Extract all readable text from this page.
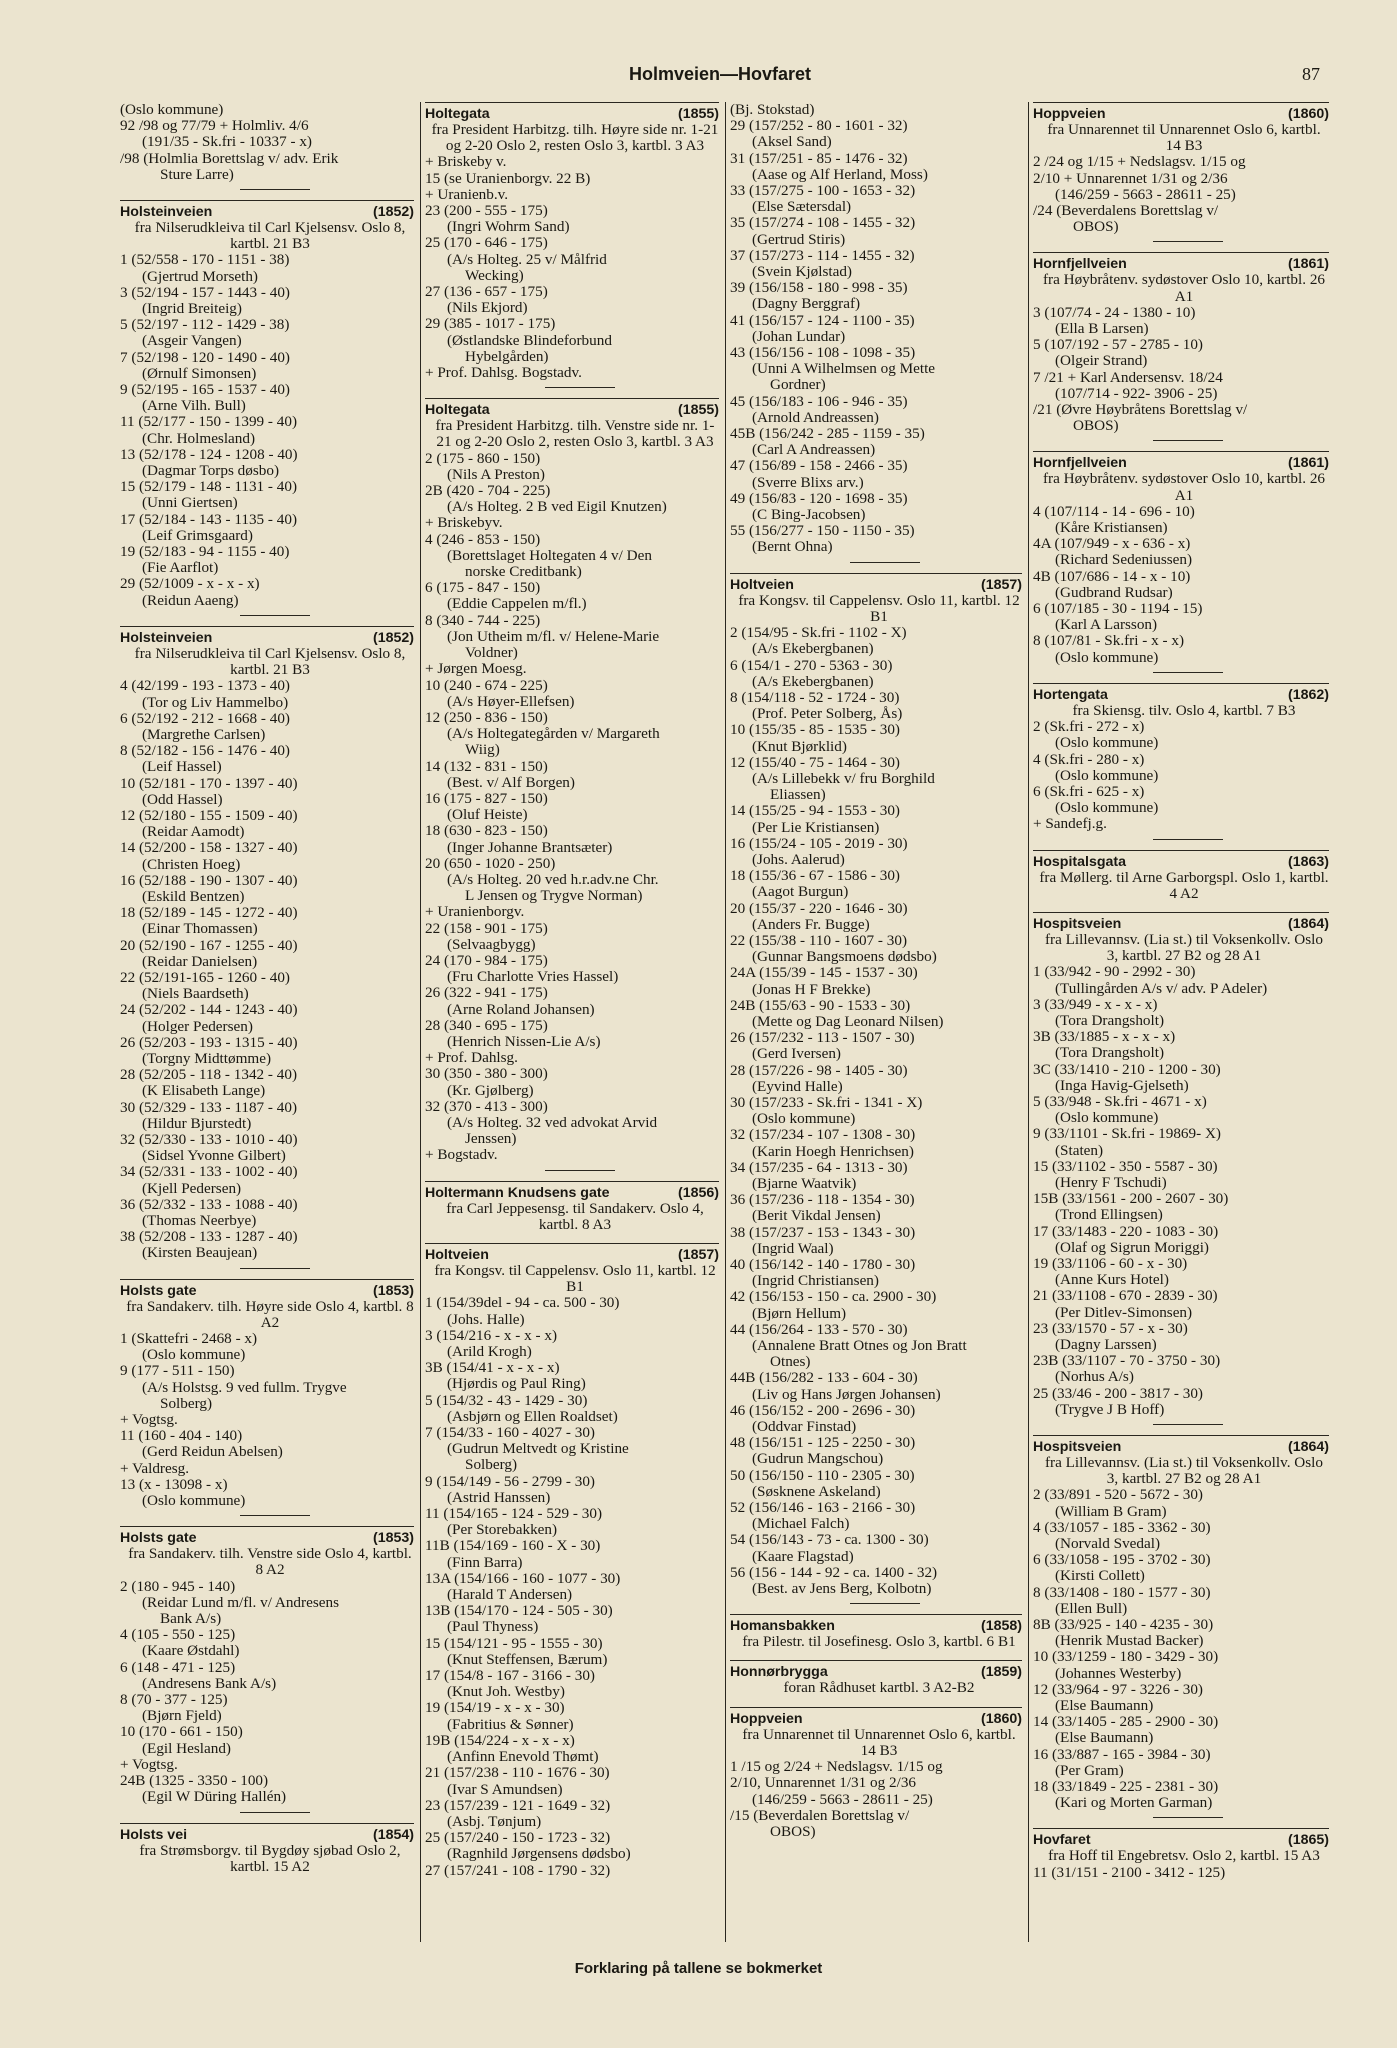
Holmveien—Hovfaret	87
(Oslo kommune)
92 /98 og 77/79 + Holmliv. 4/6
(191/35 - Sk.fri - 10337 - x)
/98 (Holmlia Borettslag v/ adv. Erik
Sture Larre)
Holsteinveien	(1852)
fra Nilserudkleiva til Carl Kjelsensv. Oslo 8, kartbl. 21 B3
1 (52/558 - 170 - 1151 - 38)
(Gjertrud Morseth)
3 (52/194 - 157 - 1443 - 40)
(Ingrid Breiteig)
5 (52/197 - 112 - 1429 - 38)
(Asgeir Vangen)
7 (52/198 - 120 - 1490 - 40)
(Ørnulf Simonsen)
9 (52/195 - 165 - 1537 - 40)
(Arne Vilh. Bull)
11 (52/177 - 150 - 1399 - 40)
(Chr. Holmesland)
13 (52/178 - 124 - 1208 - 40)
(Dagmar Torps døsbo)
15 (52/179 - 148 - 1131 - 40)
(Unni Giertsen)
17 (52/184 - 143 - 1135 - 40)
(Leif Grimsgaard)
19 (52/183 - 94 - 1155 - 40)
(Fie Aarflot)
29 (52/1009 - x - x - x)
(Reidun Aaeng)
Holsteinveien	(1852)
fra Nilserudkleiva til Carl Kjelsensv. Oslo 8, kartbl. 21 B3
4 (42/199 - 193 - 1373 - 40)
(Tor og Liv Hammelbo)
6 (52/192 - 212 - 1668 - 40)
(Margrethe Carlsen)
8 (52/182 - 156 - 1476 - 40)
(Leif Hassel)
10 (52/181 - 170 - 1397 - 40)
(Odd Hassel)
12 (52/180 - 155 - 1509 - 40)
(Reidar Aamodt)
14 (52/200 - 158 - 1327 - 40)
(Christen Hoeg)
16 (52/188 - 190 - 1307 - 40)
(Eskild Bentzen)
18 (52/189 - 145 - 1272 - 40)
(Einar Thomassen)
20 (52/190 - 167 - 1255 - 40)
(Reidar Danielsen)
22 (52/191-165 - 1260 - 40)
(Niels Baardseth)
24 (52/202 - 144 - 1243 - 40)
(Holger Pedersen)
26 (52/203 - 193 - 1315 - 40)
(Torgny Midttømme)
28 (52/205 - 118 - 1342 - 40)
(K Elisabeth Lange)
30 (52/329 - 133 - 1187 - 40)
(Hildur Bjurstedt)
32 (52/330 - 133 - 1010 - 40)
(Sidsel Yvonne Gilbert)
34 (52/331 - 133 - 1002 - 40)
(Kjell Pedersen)
36 (52/332 - 133 - 1088 - 40)
(Thomas Neerbye)
38 (52/208 - 133 - 1287 - 40)
(Kirsten Beaujean)
Holsts gate	(1853)
fra Sandakerv. tilh. Høyre side Oslo 4, kartbl. 8 A2
1 (Skattefri - 2468 - x)
(Oslo kommune)
9 (177 - 511 - 150)
(A/s Holstsg. 9 ved fullm. Trygve
Solberg)
+ Vogtsg.
11 (160 - 404 - 140)
(Gerd Reidun Abelsen)
+ Valdresg.
13 (x - 13098 - x)
(Oslo kommune)
Holsts gate	(1853)
fra Sandakerv. tilh. Venstre side Oslo 4, kartbl. 8 A2
2 (180 - 945 - 140)
(Reidar Lund m/fl. v/ Andresens
Bank A/s)
4 (105 - 550 - 125)
(Kaare Østdahl)
6 (148 - 471 - 125)
(Andresens Bank A/s)
8 (70 - 377 - 125)
(Bjørn Fjeld)
10 (170 - 661 - 150)
(Egil Hesland)
+ Vogtsg.
24B (1325 - 3350 - 100)
(Egil W Düring Hallén)
Holsts vei	(1854)
fra Strømsborgv. til Bygdøy sjøbad Oslo 2, kartbl. 15 A2
Holtegata	(1855)
fra President Harbitzg. tilh. Høyre side nr. 1-21 og 2-20 Oslo 2, resten Oslo 3, kartbl. 3 A3
+ Briskeby v.
15 (se Uranienborgv. 22 B)
+ Uranienb.v.
23 (200 - 555 - 175)
(Ingri Wohrm Sand)
25 (170 - 646 - 175)
(A/s Holteg. 25 v/ Målfrid
Wecking)
27 (136 - 657 - 175)
(Nils Ekjord)
29 (385 - 1017 - 175)
(Østlandske Blindeforbund
Hybelgården)
+ Prof. Dahlsg. Bogstadv.
Holtegata	(1855)
fra President Harbitzg. tilh. Venstre side nr. 1-21 og 2-20 Oslo 2, resten Oslo 3, kartbl. 3 A3
2 (175 - 860 - 150)
(Nils A Preston)
2B (420 - 704 - 225)
(A/s Holteg. 2 B ved Eigil Knutzen)
+ Briskebyv.
4 (246 - 853 - 150)
(Borettslaget Holtegaten 4 v/ Den
norske Creditbank)
6 (175 - 847 - 150)
(Eddie Cappelen m/fl.)
8 (340 - 744 - 225)
(Jon Utheim m/fl. v/ Helene-Marie
Voldner)
+ Jørgen Moesg.
10 (240 - 674 - 225)
(A/s Høyer-Ellefsen)
12 (250 - 836 - 150)
(A/s Holtegategården v/ Margareth
Wiig)
14 (132 - 831 - 150)
(Best. v/ Alf Borgen)
16 (175 - 827 - 150)
(Oluf Heiste)
18 (630 - 823 - 150)
(Inger Johanne Brantsæter)
20 (650 - 1020 - 250)
(A/s Holteg. 20 ved h.r.adv.ne Chr.
L Jensen og Trygve Norman)
+ Uranienborgv.
22 (158 - 901 - 175)
(Selvaagbygg)
24 (170 - 984 - 175)
(Fru Charlotte Vries Hassel)
26 (322 - 941 - 175)
(Arne Roland Johansen)
28 (340 - 695 - 175)
(Henrich Nissen-Lie A/s)
+ Prof. Dahlsg.
30 (350 - 380 - 300)
(Kr. Gjølberg)
32 (370 - 413 - 300)
(A/s Holteg. 32 ved advokat Arvid
Jenssen)
+ Bogstadv.
Holtermann Knudsens gate	(1856)
fra Carl Jeppesensg. til Sandakerv. Oslo 4, kartbl. 8 A3
Holtveien	(1857)
fra Kongsv. til Cappelensv. Oslo 11, kartbl. 12 B1
1 (154/39del - 94 - ca. 500 - 30)
(Johs. Halle)
3 (154/216 - x - x - x)
(Arild Krogh)
3B (154/41 - x - x - x)
(Hjørdis og Paul Ring)
5 (154/32 - 43 - 1429 - 30)
(Asbjørn og Ellen Roaldset)
7 (154/33 - 160 - 4027 - 30)
(Gudrun Meltvedt og Kristine
Solberg)
9 (154/149 - 56 - 2799 - 30)
(Astrid Hanssen)
11 (154/165 - 124 - 529 - 30)
(Per Storebakken)
11B (154/169 - 160 - X - 30)
(Finn Barra)
13A (154/166 - 160 - 1077 - 30)
(Harald T Andersen)
13B (154/170 - 124 - 505 - 30)
(Paul Thyness)
15 (154/121 - 95 - 1555 - 30)
(Knut Steffensen, Bærum)
17 (154/8 - 167 - 3166 - 30)
(Knut Joh. Westby)
19 (154/19 - x - x - 30)
(Fabritius & Sønner)
19B (154/224 - x - x - x)
(Anfinn Enevold Thømt)
21 (157/238 - 110 - 1676 - 30)
(Ivar S Amundsen)
23 (157/239 - 121 - 1649 - 32)
(Asbj. Tønjum)
25 (157/240 - 150 - 1723 - 32)
(Ragnhild Jørgensens dødsbo)
27 (157/241 - 108 - 1790 - 32)
(Bj. Stokstad)
29 (157/252 - 80 - 1601 - 32)
(Aksel Sand)
31 (157/251 - 85 - 1476 - 32)
(Aase og Alf Herland, Moss)
33 (157/275 - 100 - 1653 - 32)
(Else Sætersdal)
35 (157/274 - 108 - 1455 - 32)
(Gertrud Stiris)
37 (157/273 - 114 - 1455 - 32)
(Svein Kjølstad)
39 (156/158 - 180 - 998 - 35)
(Dagny Berggraf)
41 (156/157 - 124 - 1100 - 35)
(Johan Lundar)
43 (156/156 - 108 - 1098 - 35)
(Unni A Wilhelmsen og Mette
Gordner)
45 (156/183 - 106 - 946 - 35)
(Arnold Andreassen)
45B (156/242 - 285 - 1159 - 35)
(Carl A Andreassen)
47 (156/89 - 158 - 2466 - 35)
(Sverre Blixs arv.)
49 (156/83 - 120 - 1698 - 35)
(C Bing-Jacobsen)
55 (156/277 - 150 - 1150 - 35)
(Bernt Ohna)
Holtveien	(1857)
fra Kongsv. til Cappelensv. Oslo 11, kartbl. 12 B1
2 (154/95 - Sk.fri - 1102 - X)
(A/s Ekebergbanen)
6 (154/1 - 270 - 5363 - 30)
(A/s Ekebergbanen)
8 (154/118 - 52 - 1724 - 30)
(Prof. Peter Solberg, Ås)
10 (155/35 - 85 - 1535 - 30)
(Knut Bjørklid)
12 (155/40 - 75 - 1464 - 30)
(A/s Lillebekk v/ fru Borghild
Eliassen)
14 (155/25 - 94 - 1553 - 30)
(Per Lie Kristiansen)
16 (155/24 - 105 - 2019 - 30)
(Johs. Aalerud)
18 (155/36 - 67 - 1586 - 30)
(Aagot Burgun)
20 (155/37 - 220 - 1646 - 30)
(Anders Fr. Bugge)
22 (155/38 - 110 - 1607 - 30)
(Gunnar Bangsmoens dødsbo)
24A (155/39 - 145 - 1537 - 30)
(Jonas H F Brekke)
24B (155/63 - 90 - 1533 - 30)
(Mette og Dag Leonard Nilsen)
26 (157/232 - 113 - 1507 - 30)
(Gerd Iversen)
28 (157/226 - 98 - 1405 - 30)
(Eyvind Halle)
30 (157/233 - Sk.fri - 1341 - X)
(Oslo kommune)
32 (157/234 - 107 - 1308 - 30)
(Karin Hoegh Henrichsen)
34 (157/235 - 64 - 1313 - 30)
(Bjarne Waatvik)
36 (157/236 - 118 - 1354 - 30)
(Berit Vikdal Jensen)
38 (157/237 - 153 - 1343 - 30)
(Ingrid Waal)
40 (156/142 - 140 - 1780 - 30)
(Ingrid Christiansen)
42 (156/153 - 150 - ca. 2900 - 30)
(Bjørn Hellum)
44 (156/264 - 133 - 570 - 30)
(Annalene Bratt Otnes og Jon Bratt
Otnes)
44B (156/282 - 133 - 604 - 30)
(Liv og Hans Jørgen Johansen)
46 (156/152 - 200 - 2696 - 30)
(Oddvar Finstad)
48 (156/151 - 125 - 2250 - 30)
(Gudrun Mangschou)
50 (156/150 - 110 - 2305 - 30)
(Søsknene Askeland)
52 (156/146 - 163 - 2166 - 30)
(Michael Falch)
54 (156/143 - 73 - ca. 1300 - 30)
(Kaare Flagstad)
56 (156 - 144 - 92 - ca. 1400 - 32)
(Best. av Jens Berg, Kolbotn)
Homansbakken	(1858)
fra Pilestr. til Josefinesg. Oslo 3, kartbl. 6 B1
Honnørbrygga	(1859)
foran Rådhuset kartbl. 3 A2-B2
Hoppveien	(1860)
fra Unnarennet til Unnarennet Oslo 6, kartbl. 14 B3
1 /15 og 2/24 + Nedslagsv. 1/15 og
2/10, Unnarennet 1/31 og 2/36
(146/259 - 5663 - 28611 - 25)
/15 (Beverdalen Borettslag v/
OBOS)
Hoppveien	(1860)
fra Unnarennet til Unnarennet Oslo 6, kartbl. 14 B3
2 /24 og 1/15 + Nedslagsv. 1/15 og
2/10 + Unnarennet 1/31 og 2/36
(146/259 - 5663 - 28611 - 25)
/24 (Beverdalens Borettslag v/
OBOS)
Hornfjellveien	(1861)
fra Høybråtenv. sydøstover Oslo 10, kartbl. 26 A1
3 (107/74 - 24 - 1380 - 10)
(Ella B Larsen)
5 (107/192 - 57 - 2785 - 10)
(Olgeir Strand)
7 /21 + Karl Andersensv. 18/24
(107/714 - 922- 3906 - 25)
/21 (Øvre Høybråtens Borettslag v/
OBOS)
Hornfjellveien	(1861)
fra Høybråtenv. sydøstover Oslo 10, kartbl. 26 A1
4 (107/114 - 14 - 696 - 10)
(Kåre Kristiansen)
4A (107/949 - x - 636 - x)
(Richard Sedeniussen)
4B (107/686 - 14 - x - 10)
(Gudbrand Rudsar)
6 (107/185 - 30 - 1194 - 15)
(Karl A Larsson)
8 (107/81 - Sk.fri - x - x)
(Oslo kommune)
Hortengata	(1862)
fra Skiensg. tilv. Oslo 4, kartbl. 7 B3
2 (Sk.fri - 272 - x)
(Oslo kommune)
4 (Sk.fri - 280 - x)
(Oslo kommune)
6 (Sk.fri - 625 - x)
(Oslo kommune)
+ Sandefj.g.
Hospitalsgata	(1863)
fra Møllerg. til Arne Garborgspl. Oslo 1, kartbl. 4 A2
Hospitsveien	(1864)
fra Lillevannsv. (Lia st.) til Voksenkollv. Oslo 3, kartbl. 27 B2 og 28 A1
1 (33/942 - 90 - 2992 - 30)
(Tullingården A/s v/ adv. P Adeler)
3 (33/949 - x - x - x)
(Tora Drangsholt)
3B (33/1885 - x - x - x)
(Tora Drangsholt)
3C (33/1410 - 210 - 1200 - 30)
(Inga Havig-Gjelseth)
5 (33/948 - Sk.fri - 4671 - x)
(Oslo kommune)
9 (33/1101 - Sk.fri - 19869- X)
(Staten)
15 (33/1102 - 350 - 5587 - 30)
(Henry F Tschudi)
15B (33/1561 - 200 - 2607 - 30)
(Trond Ellingsen)
17 (33/1483 - 220 - 1083 - 30)
(Olaf og Sigrun Moriggi)
19 (33/1106 - 60 - x - 30)
(Anne Kurs Hotel)
21 (33/1108 - 670 - 2839 - 30)
(Per Ditlev-Simonsen)
23 (33/1570 - 57 - x - 30)
(Dagny Larssen)
23B (33/1107 - 70 - 3750 - 30)
(Norhus A/s)
25 (33/46 - 200 - 3817 - 30)
(Trygve J B Hoff)
Hospitsveien	(1864)
fra Lillevannsv. (Lia st.) til Voksenkollv. Oslo 3, kartbl. 27 B2 og 28 A1
2 (33/891 - 520 - 5672 - 30)
(William B Gram)
4 (33/1057 - 185 - 3362 - 30)
(Norvald Svedal)
6 (33/1058 - 195 - 3702 - 30)
(Kirsti Collett)
8 (33/1408 - 180 - 1577 - 30)
(Ellen Bull)
8B (33/925 - 140 - 4235 - 30)
(Henrik Mustad Backer)
10 (33/1259 - 180 - 3429 - 30)
(Johannes Westerby)
12 (33/964 - 97 - 3226 - 30)
(Else Baumann)
14 (33/1405 - 285 - 2900 - 30)
(Else Baumann)
16 (33/887 - 165 - 3984 - 30)
(Per Gram)
18 (33/1849 - 225 - 2381 - 30)
(Kari og Morten Garman)
Hovfaret	(1865)
fra Hoff til Engebretsv. Oslo 2, kartbl. 15 A3
11 (31/151 - 2100 - 3412 - 125)
Forklaring på tallene se bokmerket
